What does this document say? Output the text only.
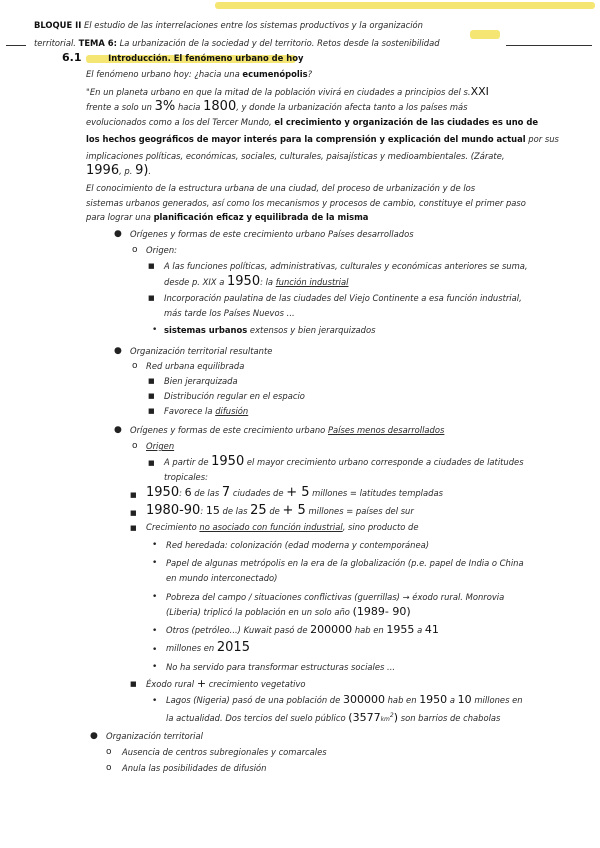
BLOQUE II El estudio de las interrelaciones entre los sistemas productivos y la organización
territorial. TEMA 6: La urbanización de la sociedad y del territorio. Retos desde la sostenibilidad
6.1	Introducción. El fenómeno urbano de hoy
El fenómeno urbano hoy: ¿hacia una ecumenópolis?
"En un planeta urbano en que la mitad de la población vivirá en ciudades a principios del s.XXI
frente a solo un 3% hacia 1800, y donde la urbanización afecta tanto a los países más
evolucionados como a los del Tercer Mundo, el crecimiento y organización de las ciudades es uno de
los hechos geográficos de mayor interés para la comprensión y explicación del mundo actual por sus
implicaciones políticas, económicas, sociales, culturales, paisajísticas y medioambientales. (Zárate,
1996, p. 9).
El conocimiento de la estructura urbana de una ciudad, del proceso de urbanización y de los
sistemas urbanos generados, así como los mecanismos y procesos de cambio, constituye el primer paso
para lograr una planificación eficaz y equilibrada de la misma
● Orígenes y formas de este crecimiento urbano Países desarrollados
o Origen:
■ A las funciones políticas, administrativas, culturales y económicas anteriores se suma,
desde p. XIX a 1950: la función industrial
■ Incorporación paulatina de las ciudades del Viejo Continente a esa función industrial,
más tarde los Países Nuevos ...
• sistemas urbanos extensos y bien jerarquizados
● Organización territorial resultante
o Red urbana equilibrada
■ Bien jerarquizada
■ Distribución regular en el espacio
■ Favorece la difusión
● Orígenes y formas de este crecimiento urbano Países menos desarrollados
o Origen
■ A partir de 1950 el mayor crecimiento urbano corresponde a ciudades de latitudes
tropicales:
■ 1950: 6 de las 7 ciudades de + 5 millones = latitudes templadas
■ 1980-90: 15 de las 25 de + 5 millones = países del sur
■ Crecimiento no asociado con función industrial, sino producto de
• Red heredada: colonización (edad moderna y contemporánea)
• Papel de algunas metrópolis en la era de la globalización (p.e. papel de India o China
en mundo interconectado)
• Pobreza del campo / situaciones conflictivas (guerrillas) → éxodo rural. Monrovia
(Liberia) triplicó la población en un solo año (1989- 90)
• Otros (petróleo...) Kuwait pasó de 200000 hab en 1955 a 41
• millones en 2015
• No ha servido para transformar estructuras sociales ...
■ Éxodo rural + crecimiento vegetativo
• Lagos (Nigeria) pasó de una población de 300000 hab en 1950 a 10 millones en
la actualidad. Dos tercios del suelo público $(3577km^2)$ son barrios de chabolas
● Organización territorial
o Ausencia de centros subregionales y comarcales
o Anula las posibilidades de difusión
